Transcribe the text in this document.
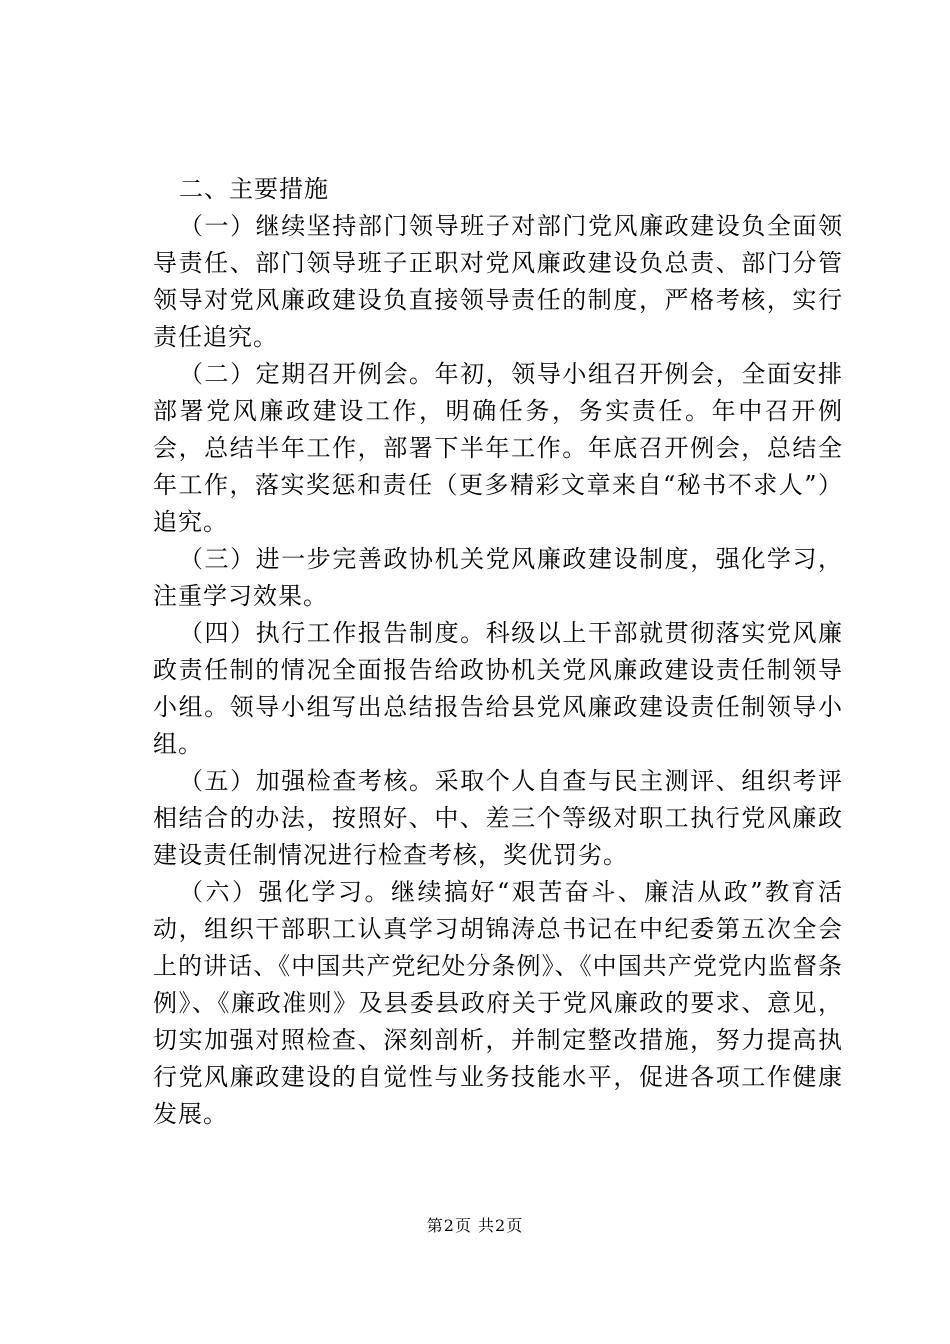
二、主要措施

（一）继续坚持部门领导班子对部门党风廉政建设负全面领导责任、部门领导班子正职对党风廉政建设负总责、部门分管领导对党风廉政建设负直接领导责任的制度，严格考核，实行责任追究。

（二）定期召开例会。年初，领导小组召开例会，全面安排部署党风廉政建设工作，明确任务，务实责任。年中召开例会，总结半年工作，部署下半年工作。年底召开例会，总结全年工作，落实奖惩和责任（更多精彩文章来自“秘书不求人”）追究。

（三）进一步完善政协机关党风廉政建设制度，强化学习，注重学习效果。

（四）执行工作报告制度。科级以上干部就贯彻落实党风廉政责任制的情况全面报告给政协机关党风廉政建设责任制领导小组。领导小组写出总结报告给县党风廉政建设责任制领导小组。

（五）加强检查考核。采取个人自查与民主测评、组织考评相结合的办法，按照好、中、差三个等级对职工执行党风廉政建设责任制情况进行检查考核，奖优罚劣。

（六）强化学习。继续搞好“艰苦奋斗、廉洁从政”教育活动，组织干部职工认真学习胡锦涛总书记在中纪委第五次全会上的讲话、《中国共产党纪处分条例》、《中国共产党党内监督条例》、《廉政准则》及县委县政府关于党风廉政的要求、意见，切实加强对照检查、深刻剖析，并制定整改措施，努力提高执行党风廉政建设的自觉性与业务技能水平，促进各项工作健康发展。

第2页 共2页
